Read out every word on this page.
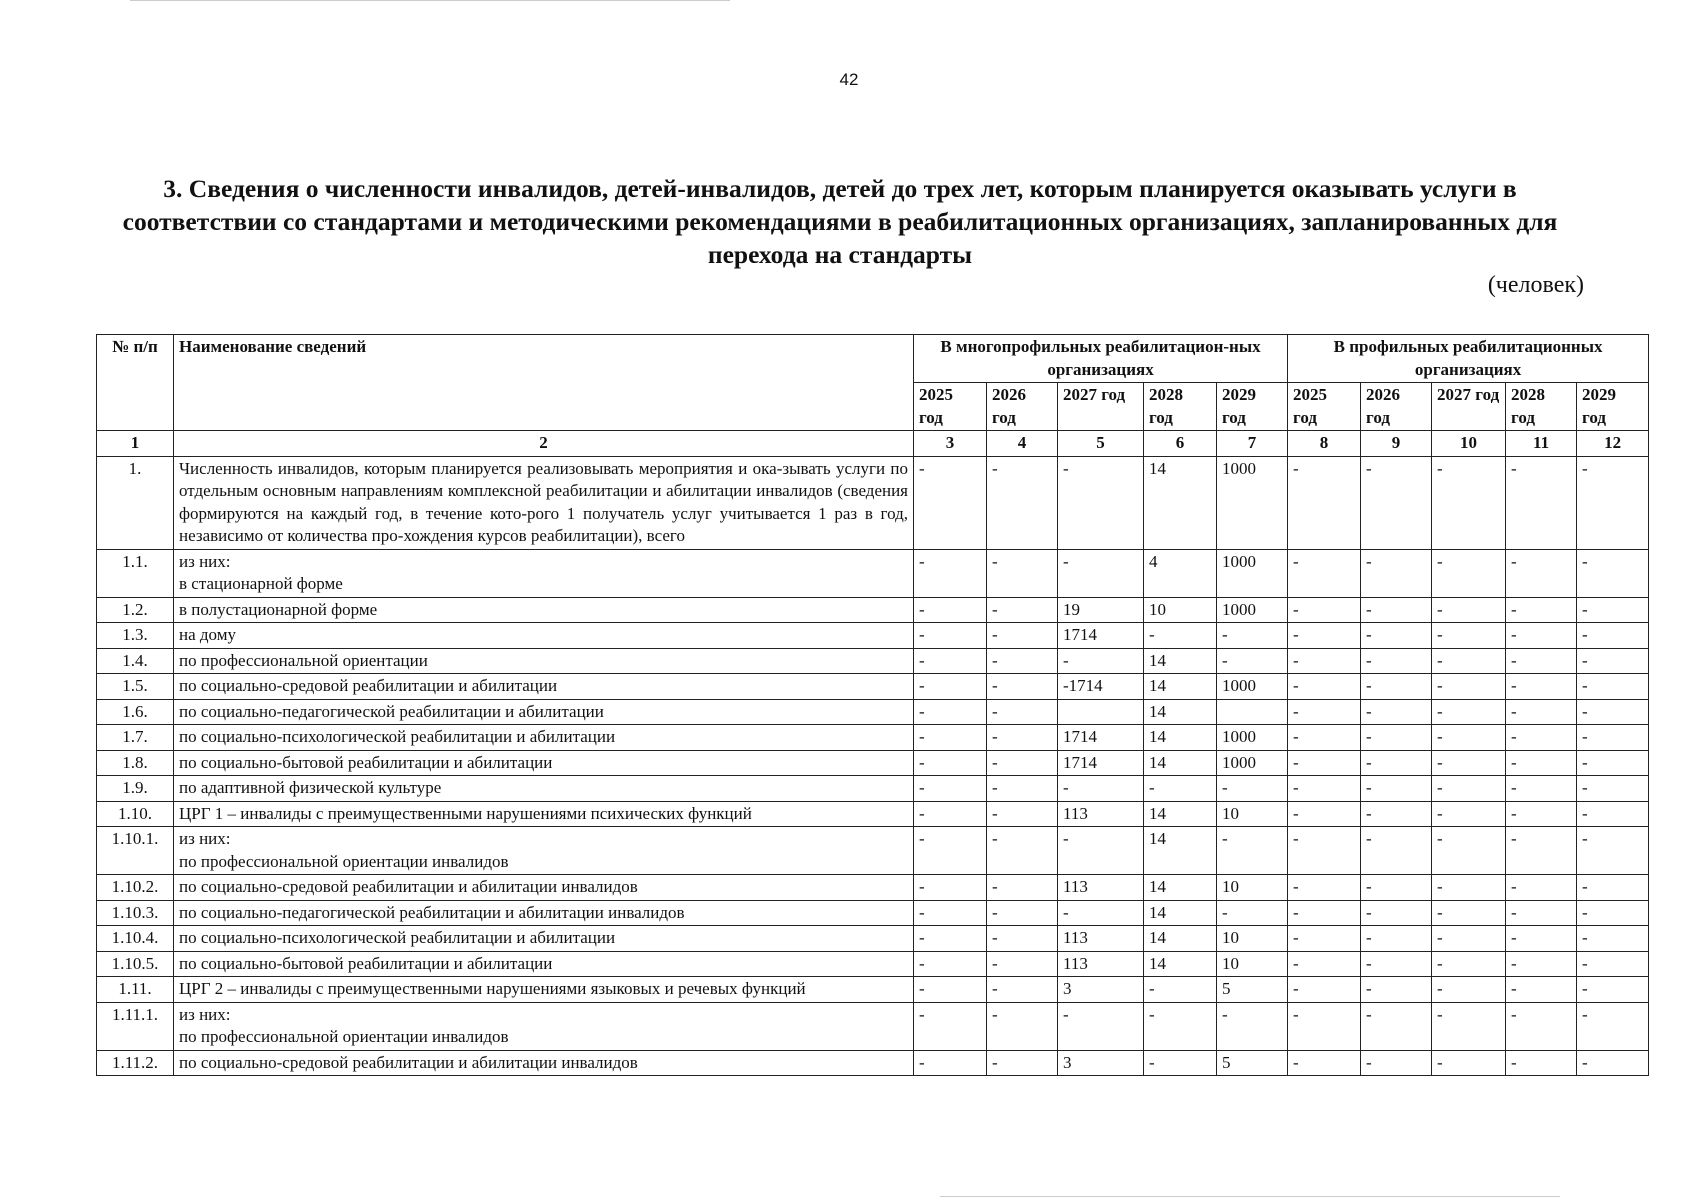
42
3. Сведения о численности инвалидов, детей-инвалидов, детей до трех лет, которым планируется оказывать услуги в соответствии со стандартами и методическими рекомендациями в реабилитационных организациях, запланированных для перехода на стандарты
(человек)
№ п/п	Наименование сведений	В многопрофильных реабилитацион-ных организациях					В профильных реабилитационных организациях				
		2025 год	2026 год	2027 год	2028 год	2029 год	2025 год	2026 год	2027 год	2028 год	2029 год
1	2	3	4	5	6	7	8	9	10	11	12
1.	Численность инвалидов, которым планируется реализовывать мероприятия и ока-зывать услуги по отдельным основным направлениям комплексной реабилитации и абилитации инвалидов (сведения формируются на каждый год, в течение кото-рого 1 получатель услуг учитывается 1 раз в год, независимо от количества про-хождения курсов реабилитации), всего	-	-	-	14	1000	-	-	-	-	-
1.1.	из них:
в стационарной форме	-	-	-	4	1000	-	-	-	-	-
1.2.	в полустационарной форме	-	-	19	10	1000	-	-	-	-	-
1.3.	на дому	-	-	1714	-	-	-	-	-	-	-
1.4.	по профессиональной ориентации	-	-	-	14	-	-	-	-	-	-
1.5.	по социально-средовой реабилитации и абилитации	-	-	-1714	14	1000	-	-	-	-	-
1.6.	по социально-педагогической реабилитации и абилитации	-	-		14		-	-	-	-	-
1.7.	по социально-психологической реабилитации и абилитации	-	-	1714	14	1000	-	-	-	-	-
1.8.	по социально-бытовой реабилитации и абилитации	-	-	1714	14	1000	-	-	-	-	-
1.9.	по адаптивной физической культуре	-	-	-	-	-	-	-	-	-	-
1.10.	ЦРГ 1 – инвалиды с преимущественными нарушениями психических функций	-	-	113	14	10	-	-	-	-	-
1.10.1.	из них:
по профессиональной ориентации инвалидов	-	-	-	14	-	-	-	-	-	-
1.10.2.	по социально-средовой реабилитации и абилитации инвалидов	-	-	113	14	10	-	-	-	-	-
1.10.3.	по социально-педагогической реабилитации и абилитации инвалидов	-	-	-	14	-	-	-	-	-	-
1.10.4.	по социально-психологической реабилитации и абилитации	-	-	113	14	10	-	-	-	-	-
1.10.5.	по социально-бытовой реабилитации и абилитации	-	-	113	14	10	-	-	-	-	-
1.11.	ЦРГ 2 – инвалиды с преимущественными нарушениями языковых и речевых функций	-	-	3	-	5	-	-	-	-	-
1.11.1.	из них:
по профессиональной ориентации инвалидов	-	-	-	-	-	-	-	-	-	-
1.11.2.	по социально-средовой реабилитации и абилитации инвалидов	-	-	3	-	5	-	-	-	-	-
